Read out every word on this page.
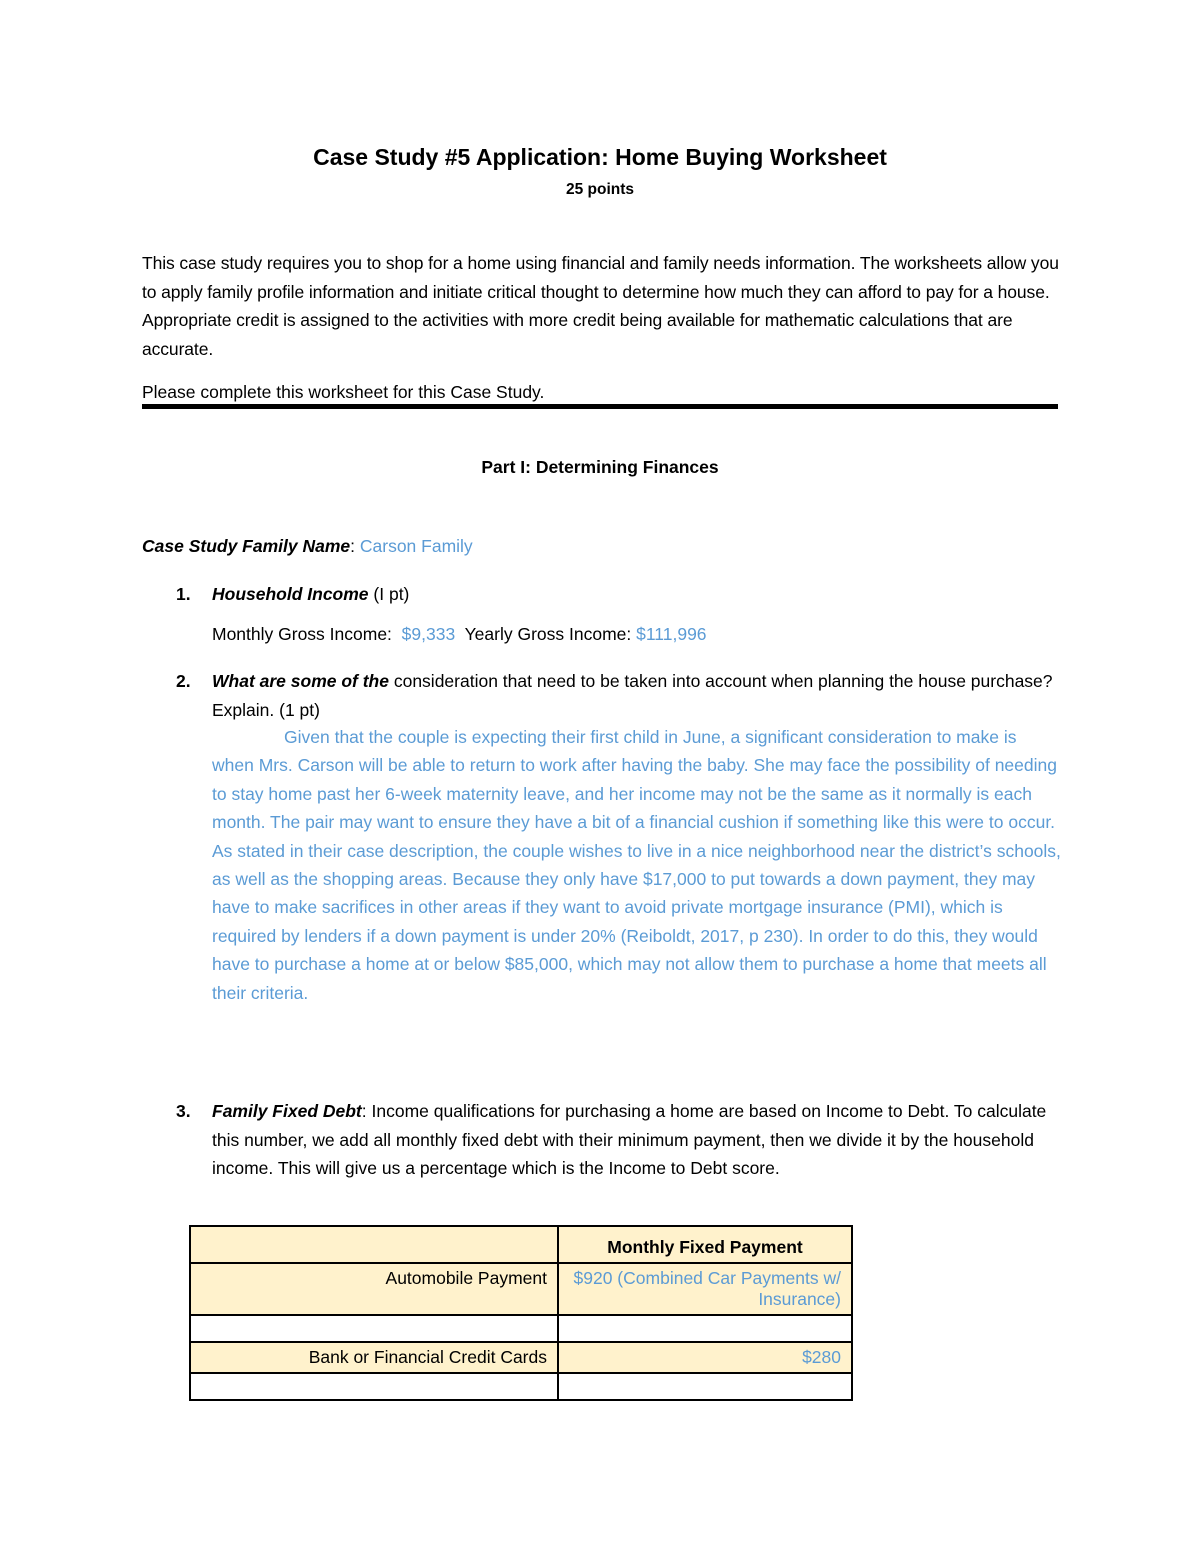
Case Study #5 Application: Home Buying Worksheet
25 points

This case study requires you to shop for a home using financial and family needs information. The worksheets allow you to apply family profile information and initiate critical thought to determine how much they can afford to pay for a house. Appropriate credit is assigned to the activities with more credit being available for mathematic calculations that are accurate.

Please complete this worksheet for this Case Study.

Part I: Determining Finances

Case Study Family Name: Carson Family

1. Household Income (I pt)
Monthly Gross Income: $9,333 Yearly Gross Income: $111,996
2. What are some of the consideration that need to be taken into account when planning the house purchase? Explain. (1 pt)

Given that the couple is expecting their first child in June, a significant consideration to make is when Mrs. Carson will be able to return to work after having the baby. She may face the possibility of needing to stay home past her 6-week maternity leave, and her income may not be the same as it normally is each month. The pair may want to ensure they have a bit of a financial cushion if something like this were to occur. As stated in their case description, the couple wishes to live in a nice neighborhood near the district’s schools, as well as the shopping areas. Because they only have $17,000 to put towards a down payment, they may have to make sacrifices in other areas if they want to avoid private mortgage insurance (PMI), which is required by lenders if a down payment is under 20% (Reiboldt, 2017, p 230). In order to do this, they would have to purchase a home at or below $85,000, which may not allow them to purchase a home that meets all their criteria.

3. Family Fixed Debt: Income qualifications for purchasing a home are based on Income to Debt. To calculate this number, we add all monthly fixed debt with their minimum payment, then we divide it by the household income. This will give us a percentage which is the Income to Debt score.
	Monthly Fixed Payment
Automobile Payment	$920 (Combined Car Payments w/ Insurance)

Bank or Financial Credit Cards	$280
